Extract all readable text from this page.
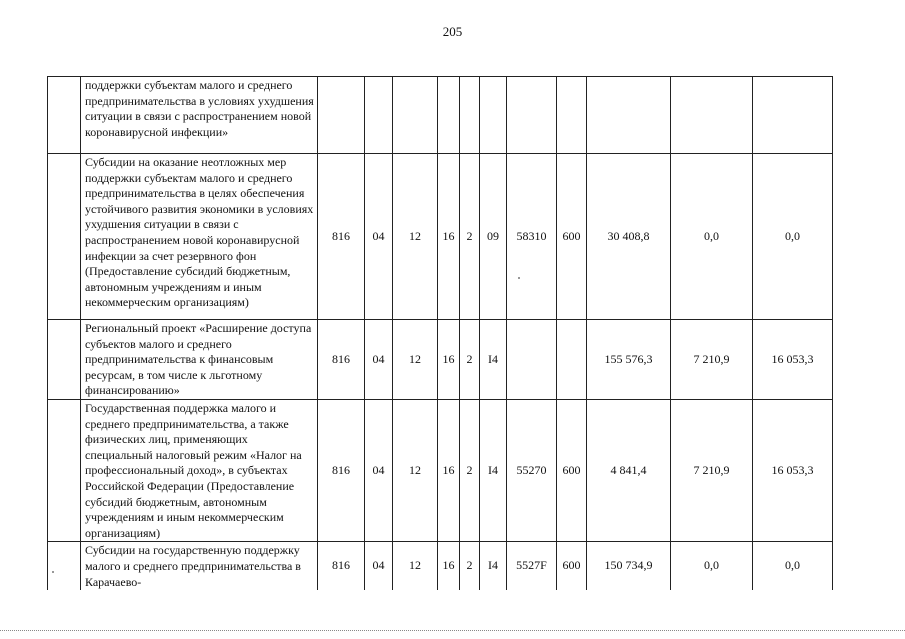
205
	поддержки субъектам малого и среднего предпринимательства в условиях ухудшения ситуации в связи с распространением новой коронавирусной инфекции»											
	Субсидии на оказание неотложных мер поддержки субъектам малого и среднего предпринимательства в целях обеспечения устойчивого развития экономики в условиях ухудшения ситуации в связи с распространением новой коронавирусной инфекции за счет резервного фон (Предоставление субсидий бюджетным, автономным учреждениям и иным некоммерческим организациям)	816	04	12	16	2	09	58310	600	30 408,8	0,0	0,0
	Региональный проект «Расширение доступа субъектов малого и среднего предпринимательства к финансовым ресурсам, в том числе к льготному финансированию»	816	04	12	16	2	I4			155 576,3	7 210,9	16 053,3
	Государственная поддержка малого и среднего предпринимательства, а также физических лиц, применяющих специальный налоговый режим «Налог на профессиональный доход», в субъектах Российской Федерации (Предоставление субсидий бюджетным, автономным учреждениям и иным некоммерческим организациям)	816	04	12	16	2	I4	55270	600	4 841,4	7 210,9	16 053,3
	Субсидии на государственную поддержку малого и среднего предпринимательства в Карачаево-	816	04	12	16	2	I4	5527F	600	150 734,9	0,0	0,0
